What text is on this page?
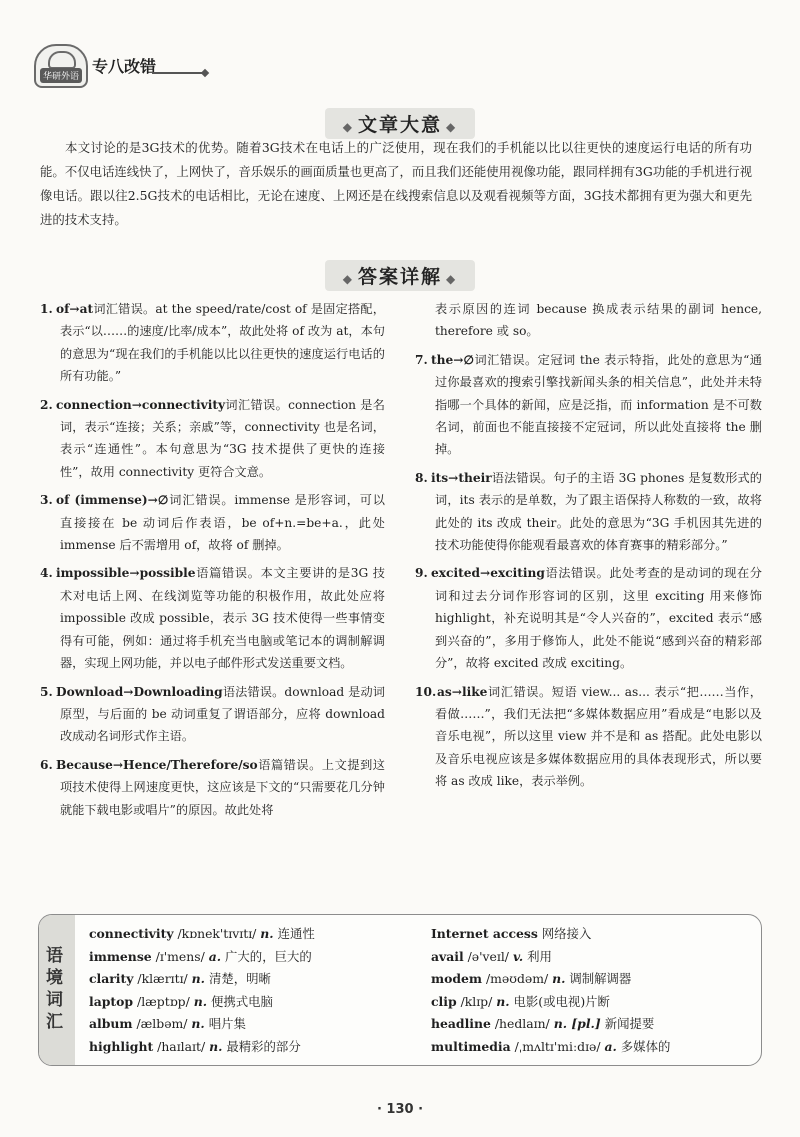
华研外语
专八改错
◆ 文章大意 ◆
本文讨论的是3G技术的优势。随着3G技术在电话上的广泛使用，现在我们的手机能以比以往更快的速度运行电话的所有功能。不仅电话连线快了，上网快了，音乐娱乐的画面质量也更高了，而且我们还能使用视像功能，跟同样拥有3G功能的手机进行视像电话。跟以往2.5G技术的电话相比，无论在速度、上网还是在线搜索信息以及观看视频等方面，3G技术都拥有更为强大和更先进的技术支持。
◆ 答案详解 ◆
1. of→at词汇错误。at the speed/rate/cost of 是固定搭配，表示“以……的速度/比率/成本”，故此处将 of 改为 at，本句的意思为“现在我们的手机能以比以往更快的速度运行电话的所有功能。”
2. connection→connectivity词汇错误。connection 是名词，表示“连接；关系；亲戚”等，connectivity 也是名词，表示“连通性”。本句意思为“3G 技术提供了更快的连接性”，故用 connectivity 更符合文意。
3. of (immense)→∅词汇错误。immense 是形容词，可以直接接在 be 动词后作表语，be of+n.=be+a.，此处 immense 后不需增用 of，故将 of 删掉。
4. impossible→possible语篇错误。本文主要讲的是3G 技术对电话上网、在线浏览等功能的积极作用，故此处应将 impossible 改成 possible，表示 3G 技术使得一些事情变得有可能，例如：通过将手机充当电脑或笔记本的调制解调器，实现上网功能，并以电子邮件形式发送重要文档。
5. Download→Downloading语法错误。download 是动词原型，与后面的 be 动词重复了谓语部分，应将 download 改成动名词形式作主语。
6. Because→Hence/Therefore/so语篇错误。上文提到这项技术使得上网速度更快，这应该是下文的“只需要花几分钟就能下载电影或唱片”的原因。故此处将
表示原因的连词 because 换成表示结果的副词 hence, therefore 或 so。
7. the→∅词汇错误。定冠词 the 表示特指，此处的意思为“通过你最喜欢的搜索引擎找新闻头条的相关信息”，此处并未特指哪一个具体的新闻，应是泛指，而 information 是不可数名词，前面也不能直接接不定冠词，所以此处直接将 the 删掉。
8. its→their语法错误。句子的主语 3G phones 是复数形式的词，its 表示的是单数，为了跟主语保持人称数的一致，故将此处的 its 改成 their。此处的意思为“3G 手机因其先进的技术功能使得你能观看最喜欢的体育赛事的精彩部分。”
9. excited→exciting语法错误。此处考查的是动词的现在分词和过去分词作形容词的区别，这里 exciting 用来修饰 highlight，补充说明其是“令人兴奋的”，excited 表示“感到兴奋的”，多用于修饰人，此处不能说“感到兴奋的精彩部分”，故将 excited 改成 exciting。
10.as→like词汇错误。短语 view... as... 表示“把……当作，看做……”，我们无法把“多媒体数据应用”看成是“电影以及音乐电视”，所以这里 view 并不是和 as 搭配。此处电影以及音乐电视应该是多媒体数据应用的具体表现形式，所以要将 as 改成 like，表示举例。
语境词汇
connectivity /kɒnek'tɪvɪtɪ/ n. 连通性
immense /ɪ'mens/ a. 广大的，巨大的
clarity /klærɪtɪ/ n. 清楚，明晰
laptop /læptɒp/ n. 便携式电脑
album /ælbəm/ n. 唱片集
highlight /haɪlaɪt/ n. 最精彩的部分
Internet access 网络接入
avail /ə'veɪl/ v. 利用
modem /məʊdəm/ n. 调制解调器
clip /klɪp/ n. 电影(或电视)片断
headline /hedlaɪn/ n. [pl.] 新闻提要
multimedia /ˌmʌltɪ'miːdɪə/ a. 多媒体的
· 130 ·
